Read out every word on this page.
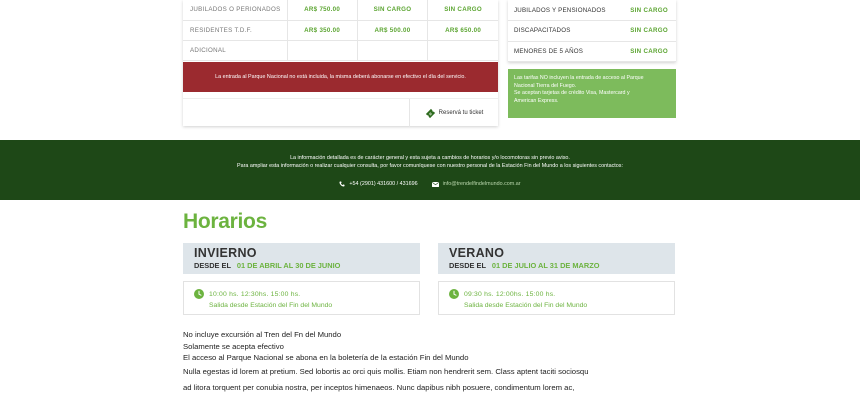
JUBILADOS O PERIONADOS	AR$ 750.00	SIN CARGO	SIN CARGO
RESIDENTES T.D.F.	AR$ 350.00	AR$ 500.00	AR$ 650.00
ADICIONAL			
La entrada al Parque Nacional no está incluida, la misma deberá abonarse en efectivo el día del servicio.
Reservá tu ticket
JUBILADOS Y PENSIONADOS	SIN CARGO
DISCAPACITADOS	SIN CARGO
MENORES DE 5 AÑOS	SIN CARGO
Las tarifas NO incluyen la entrada de acceso al Parque
Nacional Tierra del Fuego.
Se aceptan tarjetas de crédito Visa, Mastercard y
American Express.

La información detallada es de carácter general y esta sujeta a cambios de horarios y/o locomotoras sin previo aviso.

Para ampliar esta información o realizar cualquier consulta, por favor comuníquese con nuestro personal de la Estación Fin del Mundo a los siguientes contactos:

+54 (2901) 431600 / 431696	info@trendelfindelmundo.com.ar
Horarios
INVIERNO
DESDE EL 01 DE ABRIL AL 30 DE JUNIO
VERANO
DESDE EL 01 DE JULIO AL 31 DE MARZO
10:00 hs. 12:30hs. 15:00 hs.
Salida desde Estación del Fin del Mundo
09:30 hs. 12:00hs. 15:00 hs.
Salida desde Estación del Fin del Mundo
No incluye excursión al Tren del Fn del Mundo
Solamente se acepta efectivo
El acceso al Parque Nacional se abona en la boletería de la estación Fin del Mundo
Nulla egestas id lorem at pretium. Sed lobortis ac orci quis mollis. Etiam non hendrerit sem. Class aptent taciti sociosqu
ad litora torquent per conubia nostra, per inceptos himenaeos. Nunc dapibus nibh posuere, condimentum lorem ac,
